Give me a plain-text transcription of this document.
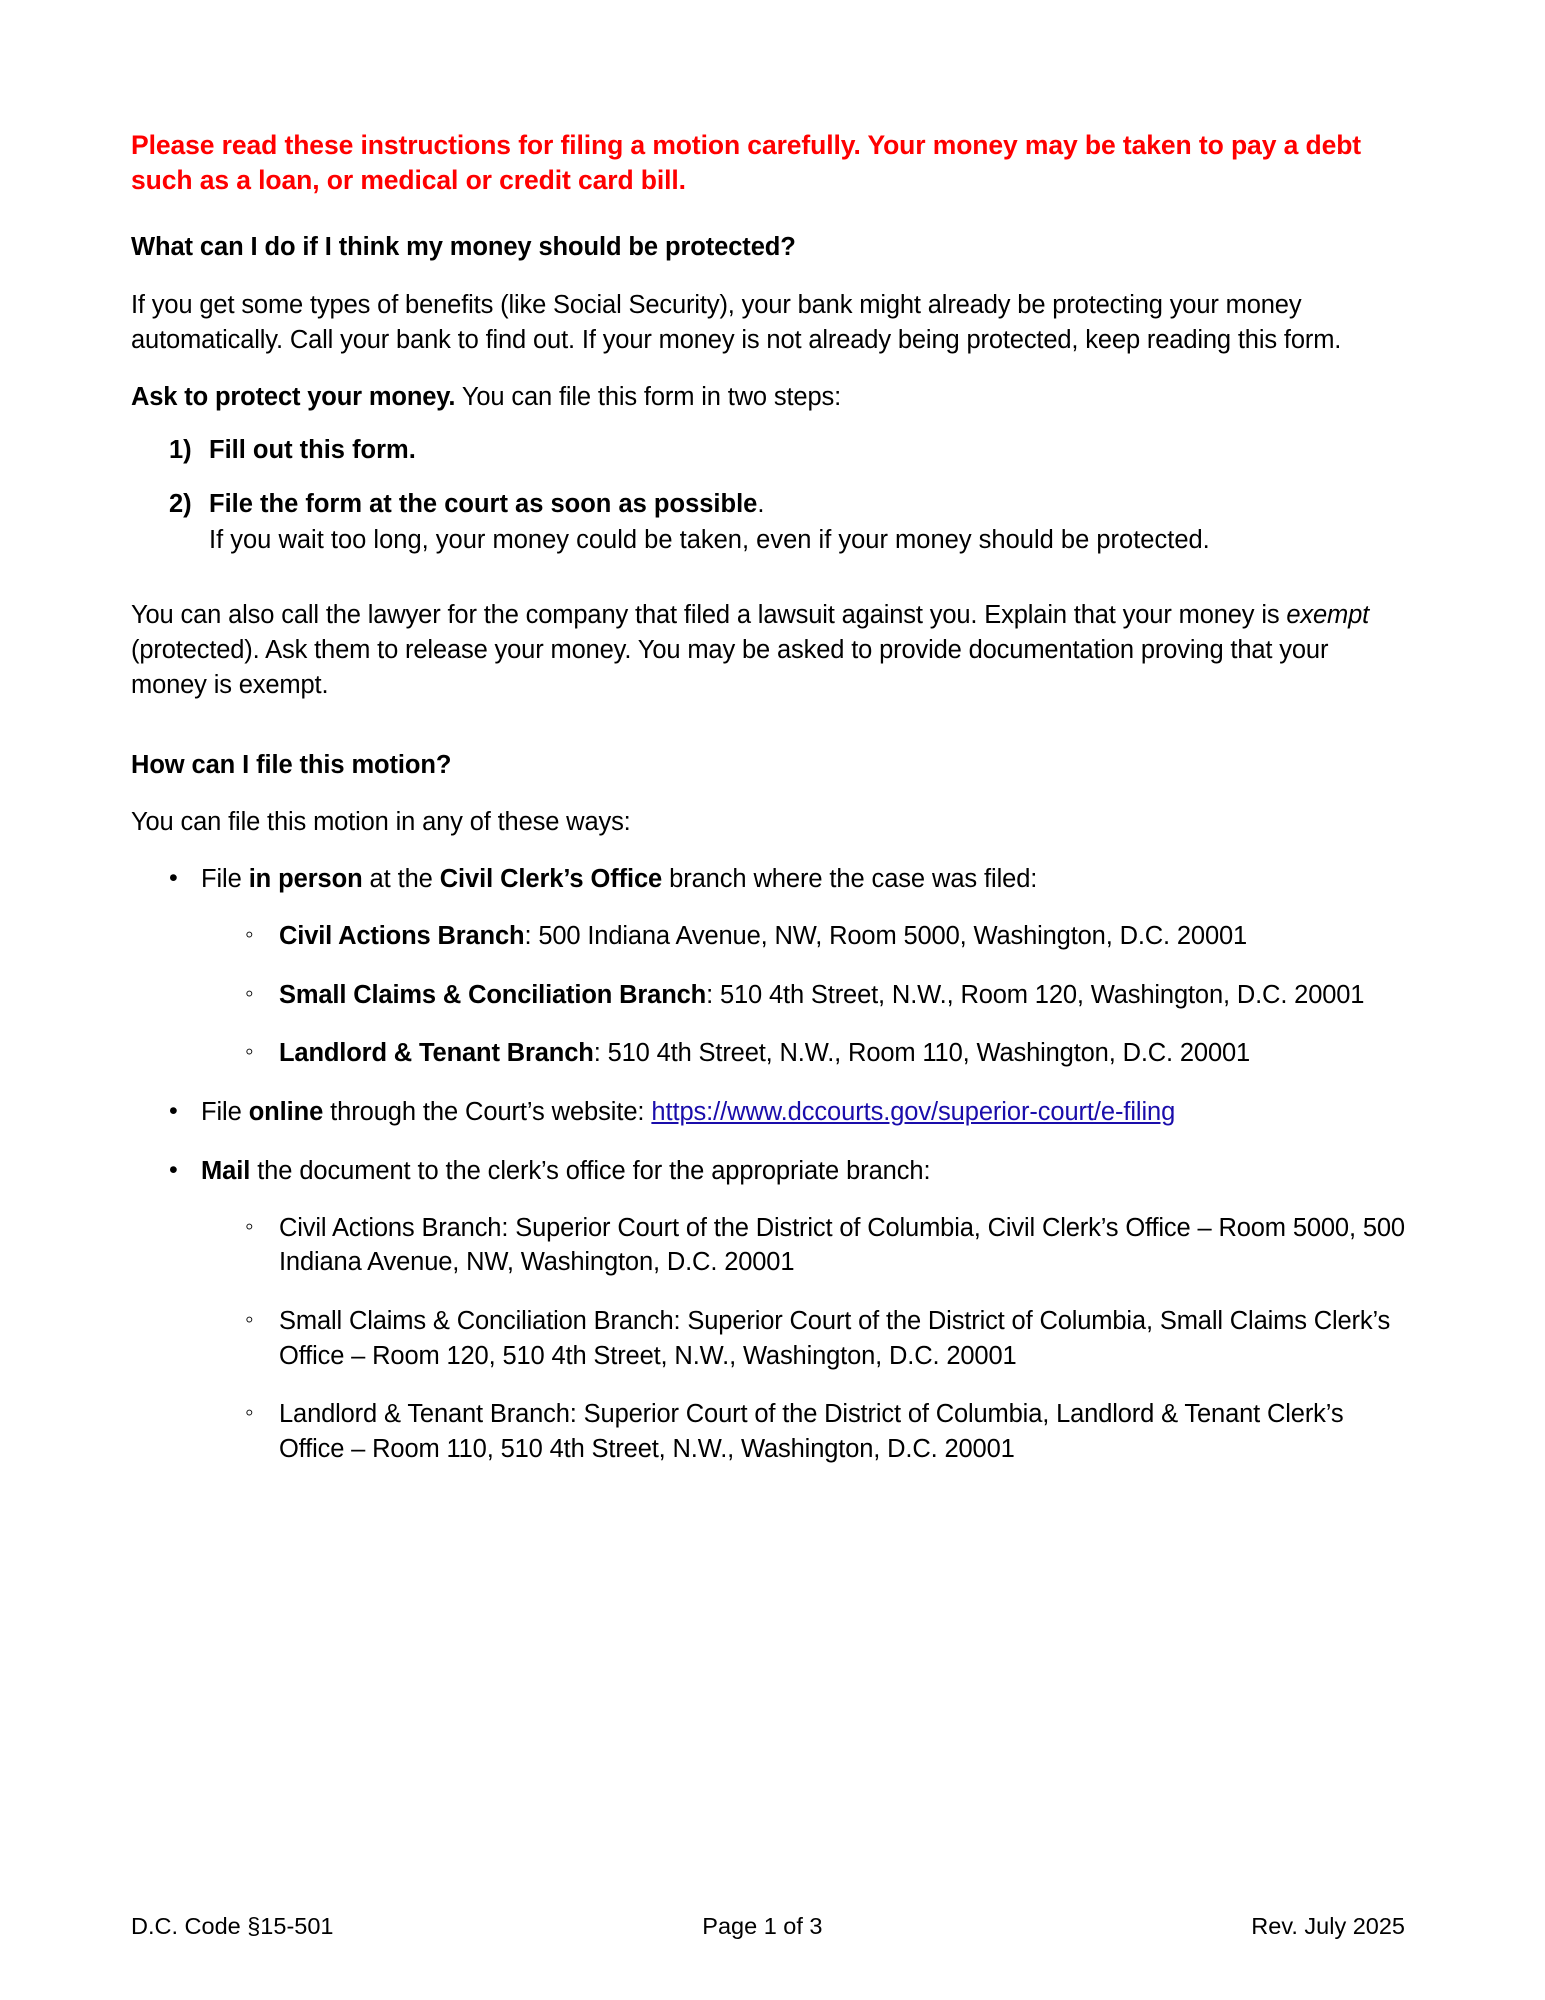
Please read these instructions for filing a motion carefully. Your money may be taken to pay a debt such as a loan, or medical or credit card bill.

What can I do if I think my money should be protected?

If you get some types of benefits (like Social Security), your bank might already be protecting your money automatically. Call your bank to find out. If your money is not already being protected, keep reading this form.

Ask to protect your money. You can file this form in two steps:

1) Fill out this form.
2) File the form at the court as soon as possible.
If you wait too long, your money could be taken, even if your money should be protected.

You can also call the lawyer for the company that filed a lawsuit against you. Explain that your money is exempt (protected). Ask them to release your money. You may be asked to provide documentation proving that your money is exempt.

How can I file this motion?

You can file this motion in any of these ways:

• File in person at the Civil Clerk’s Office branch where the case was filed:
◦ Civil Actions Branch: 500 Indiana Avenue, NW, Room 5000, Washington, D.C. 20001
◦ Small Claims & Conciliation Branch: 510 4th Street, N.W., Room 120, Washington, D.C. 20001
◦ Landlord & Tenant Branch: 510 4th Street, N.W., Room 110, Washington, D.C. 20001
• File online through the Court’s website: https://www.dccourts.gov/superior-court/e-filing
• Mail the document to the clerk’s office for the appropriate branch:
◦ Civil Actions Branch: Superior Court of the District of Columbia, Civil Clerk’s Office – Room 5000, 500 Indiana Avenue, NW, Washington, D.C. 20001
◦ Small Claims & Conciliation Branch: Superior Court of the District of Columbia, Small Claims Clerk’s Office – Room 120, 510 4th Street, N.W., Washington, D.C. 20001
◦ Landlord & Tenant Branch: Superior Court of the District of Columbia, Landlord & Tenant Clerk’s Office – Room 110, 510 4th Street, N.W., Washington, D.C. 20001
D.C. Code §15-501	Page 1 of 3	Rev. July 2025
